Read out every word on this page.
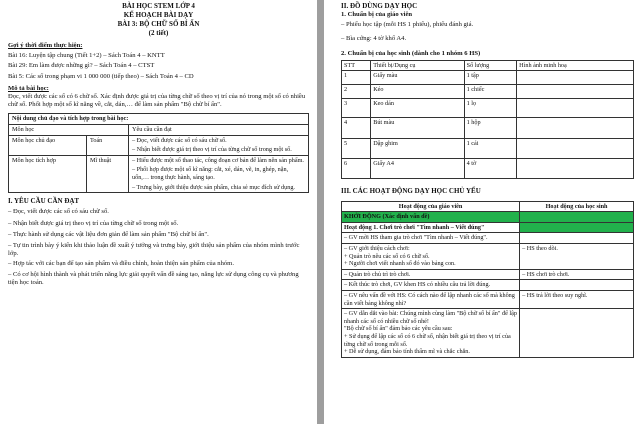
BÀI HỌC STEM LỚP 4

KẾ HOẠCH BÀI DẠY

BÀI 3: BỘ CHỮ SỐ BÍ ẨN

(2 tiết)

Gợi ý thời điểm thực hiện:

Bài 16: Luyện tập chung (Tiết 1+2) – Sách Toán 4 – KNTT

Bài 29: Em làm được những gì? – Sách Toán 4 – CTST

Bài 5: Các số trong phạm vi 1 000 000 (tiếp theo) – Sách Toán 4 – CD

Mô tả bài học:

Đọc, viết được các số có 6 chữ số. Xác định được giá trị của từng chữ số theo vị trí của nó trong một số có nhiều chữ số. Phối hợp một số kĩ năng về, cắt, dán,… để làm sản phẩm "Bộ chữ bí ẩn".

Nội dung chủ đạo và tích hợp trong bài học:		
Môn học		Yêu cầu cần đạt
Môn học chủ đạo	Toán	– Đọc, viết được các số có sáu chữ số.

– Nhận biết được giá trị theo vị trí của từng chữ số trong một số.

Môn học tích hợp	Mĩ thuật	– Hiểu được một số thao tác, công đoạn cơ bản để làm nên sản phẩm.

– Phối hợp được một số kĩ năng: cắt, xé, dán, vẽ, in, ghép, nặn, uốn,… trong thực hành, sáng tạo.

– Trưng bày, giới thiệu được sản phẩm, chia sẻ mục đích sử dụng.

I. YÊU CẦU CẦN ĐẠT

– Đọc, viết được các số có sáu chữ số.

– Nhận biết được giá trị theo vị trí của từng chữ số trong một số.

– Thực hành sử dụng các vật liệu đơn giản để làm sản phẩm "Bộ chữ bí ẩn".

– Tự tin trình bày ý kiến khi thảo luận đề xuất ý tưởng và trưng bày, giới thiệu sản phẩm của nhóm mình trước lớp.

– Hợp tác với các bạn để tạo sản phẩm và điều chỉnh, hoàn thiện sản phẩm của nhóm.

– Có cơ hội hình thành và phát triển năng lực giải quyết vấn đề sáng tạo, năng lực sử dụng công cụ và phương tiện học toán.

II. ĐỒ DÙNG DẠY HỌC

1. Chuẩn bị của giáo viên

– Phiếu học tập (mỗi HS 1 phiếu), phiếu đánh giá.

– Bìa cứng: 4 tờ khổ A4.

2. Chuẩn bị của học sinh (dành cho 1 nhóm 6 HS)

STT	Thiết bị/Dụng cụ	Số lượng	Hình ảnh minh hoạ
1	Giấy màu	1 tập	
2	Kéo	1 chiếc	
3	Keo dán	1 lọ	
4	Bút màu	1 hộp	
5	Dập ghim	1 cái	
6	Giấy A4	4 tờ	

III. CÁC HOẠT ĐỘNG DẠY HỌC CHỦ YẾU

Hoạt động của giáo viên	Hoạt động của học sinh
KHỞI ĐỘNG (Xác định vấn đề)	
Hoạt động 1. Chơi trò chơi "Tìm nhanh – Viết đúng"	

– GV mời HS tham gia trò chơi "Tìm nhanh – Viết đúng".	

– GV giới thiệu cách chơi:

+ Quản trò nêu các số có 6 chữ số.

+ Người chơi viết nhanh số đó vào bảng con.	– HS theo dõi.

– Quản trò chủ trì trò chơi.	– HS chơi trò chơi.

– Kết thúc trò chơi, GV khen HS có nhiều câu trả lời đúng.	

– GV nêu vấn đề với HS: Có cách nào để lập nhanh các số mà không cần viết bảng không nhỉ?	– HS trả lời theo suy nghĩ.

– GV dẫn dắt vào bài: Chúng mình cùng làm "Bộ chữ số bí ẩn" để lập nhanh các số có nhiều chữ số nhé!

"Bộ chữ số bí ẩn" đảm bảo các yêu cầu sau:

+ Sử dụng để lập các số có 6 chữ số, nhận biết giá trị theo vị trí của từng chữ số trong mỗi số.

+ Dễ sử dụng, đảm bảo tính thẩm mĩ và chắc chắn.	
